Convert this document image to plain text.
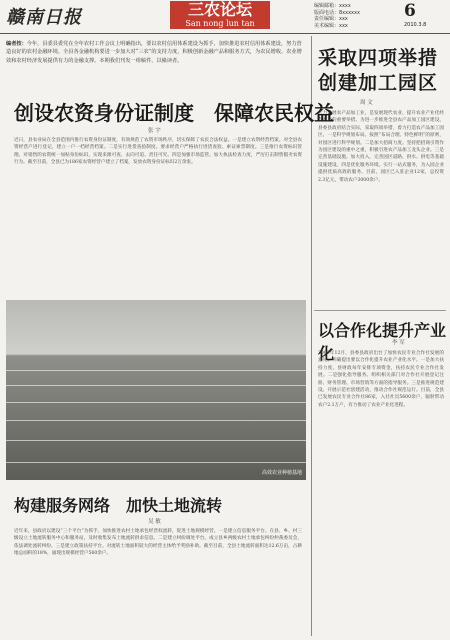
赣南日报	三农论坛
San nong lun tan
编辑邮箱：xxxx
版面电话：8xxxxxx
责任编辑：xxx
美术编辑：xxx
6
2010.3.8
编者按：今年，县委县委党在全年农村工作会议上明确指出，要以农村信用体系建设为抓手，加快推进农村信用体系建设，努力营造良好的农村金融环境。全县各金融机构要进一步加大对“三农”的支持力度，积极创新金融产品和服务方式，为农民增收、农业增效和农村经济发展提供有力的金融支撑。本期我们刊发一组稿件，以飨读者。	采取四项举措
创建加工园区
周 文
大力发展农产品加工业，是发展现代农业、提升农业产业化经营水平的重要举措。为进一步推进全县农产品加工园区建设，县委县政府结合实际，采取四项举措，着力打造农产品加工园区。一是科学规划布局。按照“布局合理、特色鲜明”的原则，对园区进行科学规划。二是加大招商力度。坚持把招商引资作为园区建设的重中之重，积极引进农产品加工龙头企业。三是完善基础设施。加大投入，完善园区道路、供水、供电等基础设施建设。四是优化服务环境。实行一站式服务，为入园企业提供优质高效的服务。目前，园区已入驻企业12家，总投资2.3亿元，带动农户3000余户。
创设农资身份证制度　保障农民权益
张 宇
近日，县农业局在全县范围内推行农资身份证制度，有效规范了农资市场秩序，切实保障了农民合法权益。一是建立农资经营档案。对全县农资经营户进行登记，建立一户一档经营档案。二是实行进货查验制度。要求经营户严格执行进货查验、索证索票制度。三是推行农资标识管理。对销售的农资统一加贴身份标识，实现来源可查、去向可追、责任可究。四是加强市场监管。加大执法检查力度，严厉打击制售假劣农资行为。截至目前，全县已为186家农资经营户建立了档案，发放农资身份证标识2万余张。
高效农业种植基地
构建服务网络　加快土地流转
吴 敏
近年来，县政府以建设“三个平台”为抓手，加快推进农村土地承包经营权流转，促进土地规模经营。一是建立信息服务平台。在县、乡、村三级设立土地流转服务中心和服务站，及时收集发布土地流转供求信息。二是建立纠纷调处平台。成立县乡两级农村土地承包纠纷仲裁委员会，依法调处流转纠纷。三是建立政策扶持平台。对流转土地面积较大的经营主体给予奖励补助。截至目前，全县土地流转面积达12.6万亩，占耕地总面积的18%，涌现出规模经营户560余户。
以合作化提升产业化
李 军
2009年12月，县委县政府出台了加快农民专业合作社发展的意见，明确提出要以合作化提升农业产业化水平。一是加大扶持力度。县财政每年安排专项资金，扶持农民专业合作社发展。二是强化指导服务。组织相关部门对合作社开展登记注册、财务管理、市场营销等方面的指导服务。三是推进规范建设。开展示范社创建活动，推动合作社规范运行。目前，全县已发展农民专业合作社86家，入社社员5600余户，辐射带动农户2.1万户，有力推动了农业产业化进程。
